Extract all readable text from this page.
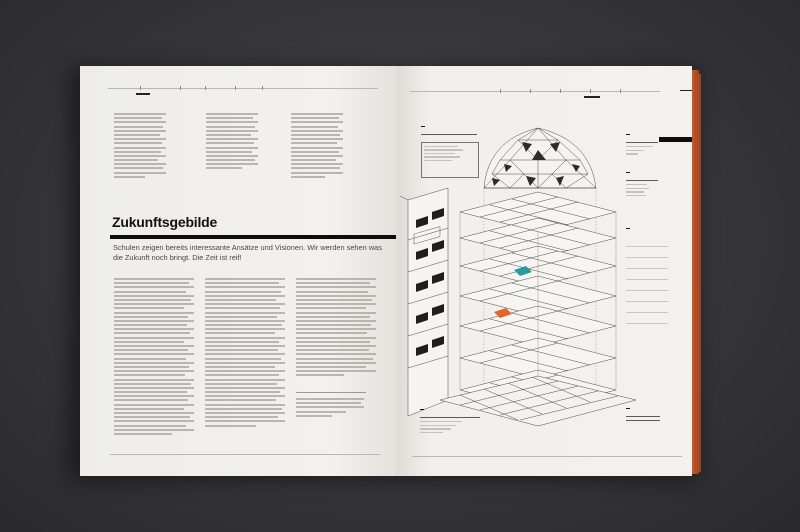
Zukunftsgebilde
Schulen zeigen bereits interessante Ansätze und Visionen. Wir werden sehen was die Zukunft noch bringt. Die Zeit ist reif!
